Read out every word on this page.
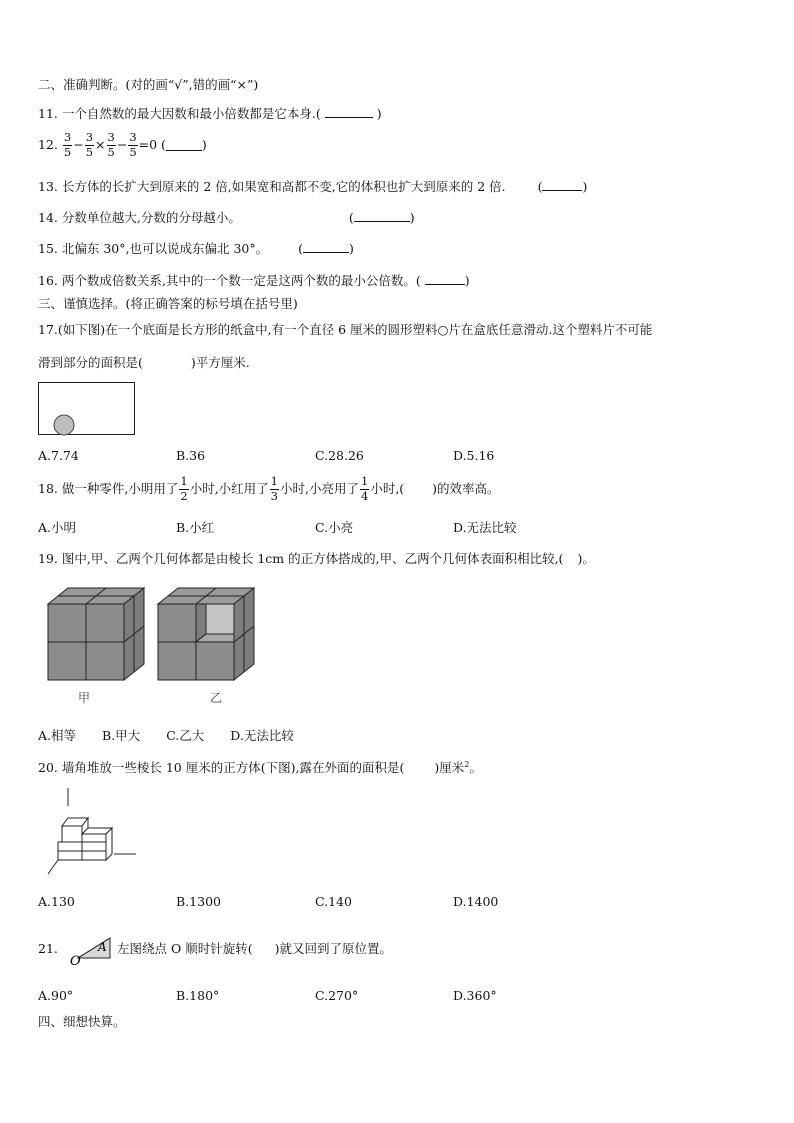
二、准确判断。(对的画“√”,错的画“×”)
11. 一个自然数的最大因数和最小倍数都是它本身.(	)
12. $\frac{3}{5} - \frac{3}{5} \times \frac{3}{5} - \frac{3}{5} =0$ (	)
13. 长方体的长扩大到原来的 2 倍,如果宽和高都不变,它的体积也扩大到原来的 2 倍.	(	)
14. 分数单位越大,分数的分母越小。	(	)
15. 北偏东 30°,也可以说成东偏北 30°。 (	)
16. 两个数成倍数关系,其中的一个数一定是这两个数的最小公倍数。(	)
三、谨慎选择。(将正确答案的标号填在括号里)
17.(如下图)在一个底面是长方形的纸盒中,有一个直径 6 厘米的圆形塑料○片在盒底任意滑动.这个塑料片不可能
滑到部分的面积是(	)平方厘米.
A.7.74	B.36	C.28.26	D.5.16
18. 做一种零件,小明用了 $\frac{1}{2}$ 小时,小红用了 $\frac{1}{3}$ 小时,小亮用了 $\frac{1}{4}$ 小时,( )的效率高。
A.小明	B.小红	C.小亮	D.无法比较
19. 图中,甲、乙两个几何体都是由棱长 1cm 的正方体搭成的,甲、乙两个几何体表面积相比较,( )。
甲	乙
A.相等 B.甲大 C.乙大 D.无法比较
20. 墙角堆放一些棱长 10 厘米的正方体(下图),露在外面的面积是( )厘米$^2$。
A.130	B.1300	C.140	D.1400
21.
O
A 左图绕点 O 顺时针旋转( )就又回到了原位置。
A.90°	B.180°	C.270°	D.360°
四、细想快算。
